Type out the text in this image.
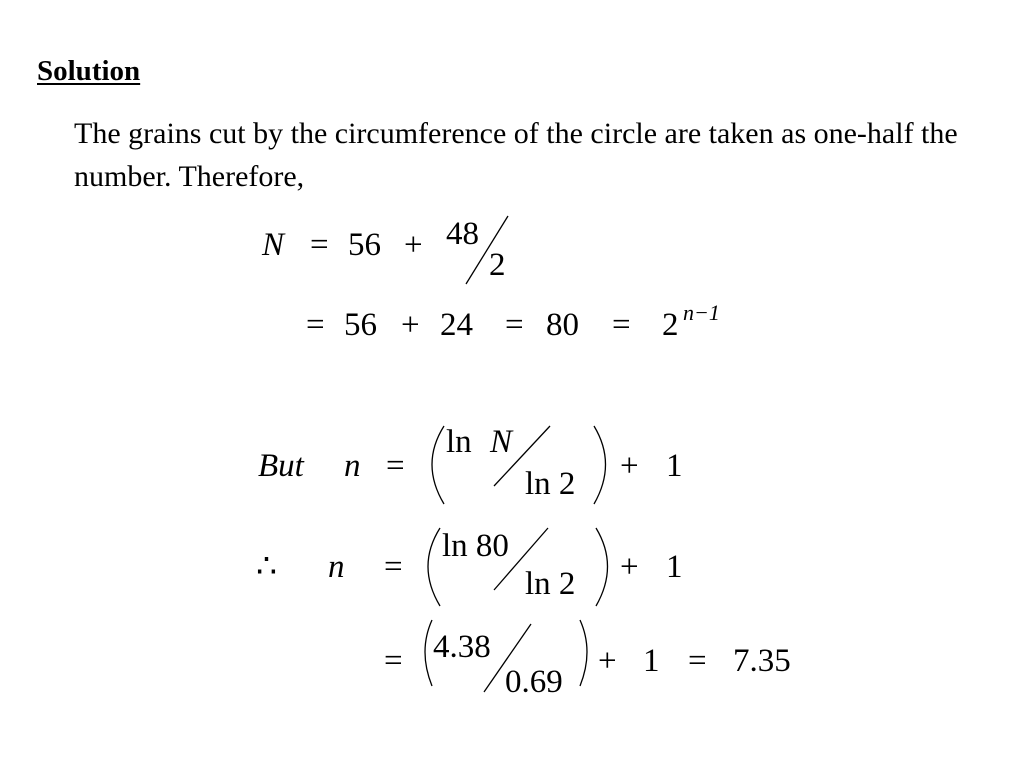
Solution
The grains cut by the circumference of the circle are taken as one-half the number. Therefore,
N = 56 + 48
2
= 56 + 24 = 80 = 2 n−1
But n =
ln N
ln 2 + 1
∴ n =
ln 80
ln 2 + 1
= 4.38
0.69
+ 1 = 7.35
